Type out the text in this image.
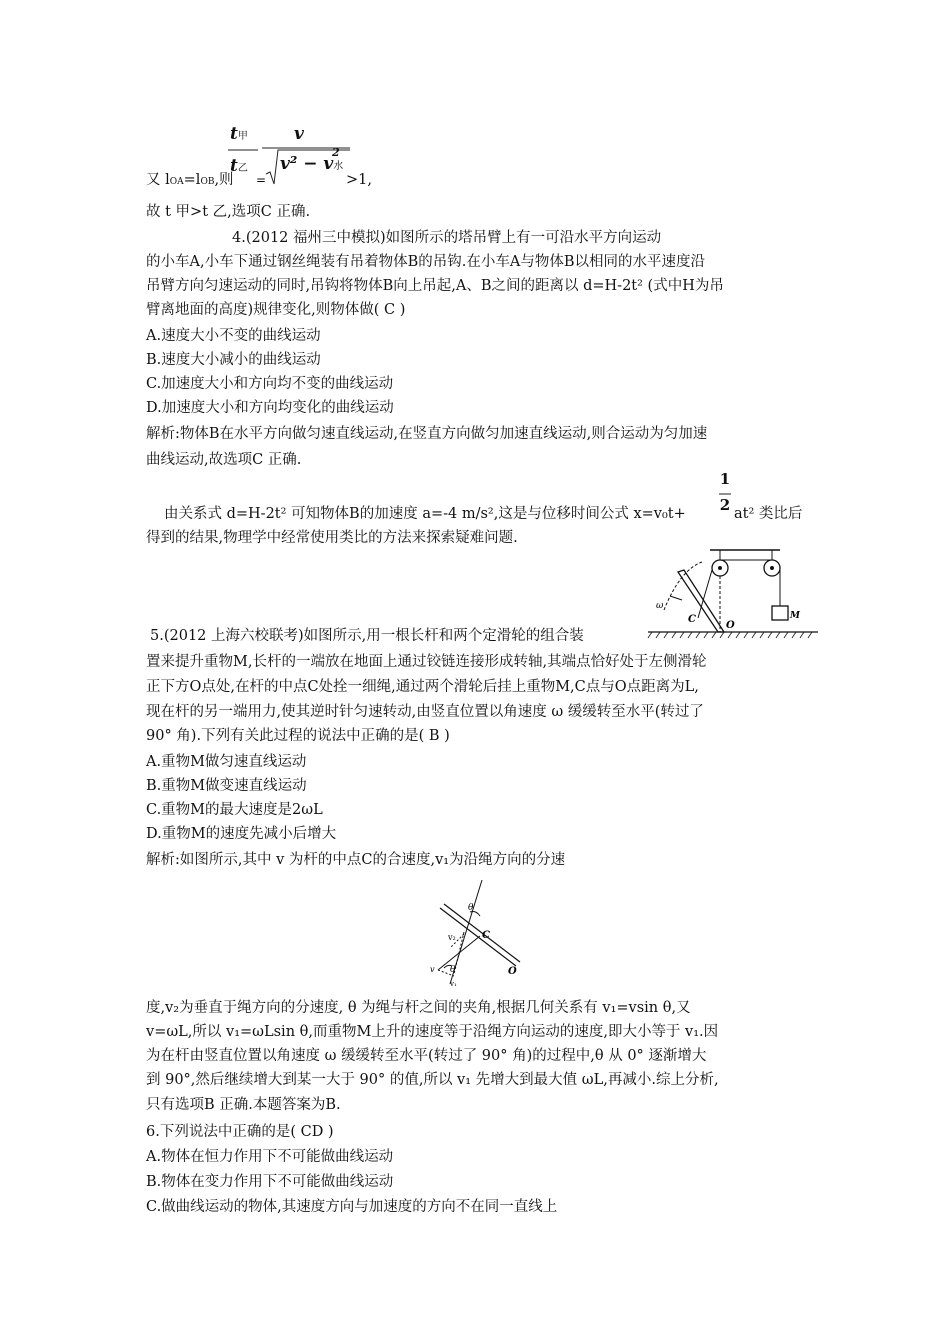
t甲
t乙
v
v² − v水
2
又 lOA=lOB,则 =	>1,
故 t 甲>t 乙,选项C 正确.
4.(2012 福州三中模拟)如图所示的塔吊臂上有一可沿水平方向运动
的小车A,小车下通过钢丝绳装有吊着物体B的吊钩.在小车A与物体B以相同的水平速度沿
吊臂方向匀速运动的同时,吊钩将物体B向上吊起,A、B之间的距离以 d=H-2t² (式中H为吊
臂离地面的高度)规律变化,则物体做( C )
A.速度大小不变的曲线运动
B.速度大小减小的曲线运动
C.加速度大小和方向均不变的曲线运动
D.加速度大小和方向均变化的曲线运动
解析:物体B在水平方向做匀速直线运动,在竖直方向做匀加速直线运动,则合运动为匀加速
曲线运动,故选项C 正确.
1
由关系式 d=H-2t² 可知物体B的加速度 a=-4 m/s²,这是与位移时间公式 x=v₀t+ 2 at² 类比后
得到的结果,物理学中经常使用类比的方法来探索疑难问题.
ω
C
O
M
5.(2012 上海六校联考)如图所示,用一根长杆和两个定滑轮的组合装
置来提升重物M,长杆的一端放在地面上通过铰链连接形成转轴,其端点恰好处于左侧滑轮
正下方O点处,在杆的中点C处拴一细绳,通过两个滑轮后挂上重物M,C点与O点距离为L,
现在杆的另一端用力,使其逆时针匀速转动,由竖直位置以角速度 ω 缓缓转至水平(转过了
90° 角).下列有关此过程的说法中正确的是( B )
A.重物M做匀速直线运动
B.重物M做变速直线运动
C.重物M的最大速度是2ωL
D.重物M的速度先减小后增大
解析:如图所示,其中 v 为杆的中点C的合速度,v₁为沿绳方向的分速
θ
v₂	C
v θ
v₁
O
度,v₂为垂直于绳方向的分速度, θ 为绳与杆之间的夹角,根据几何关系有 v₁=vsin θ,又
v=ωL,所以 v₁=ωLsin θ,而重物M上升的速度等于沿绳方向运动的速度,即大小等于 v₁.因
为在杆由竖直位置以角速度 ω 缓缓转至水平(转过了 90° 角)的过程中,θ 从 0° 逐渐增大
到 90°,然后继续增大到某一大于 90° 的值,所以 v₁ 先增大到最大值 ωL,再减小.综上分析,
只有选项B 正确.本题答案为B.
6.下列说法中正确的是( CD )
A.物体在恒力作用下不可能做曲线运动
B.物体在变力作用下不可能做曲线运动
C.做曲线运动的物体,其速度方向与加速度的方向不在同一直线上
